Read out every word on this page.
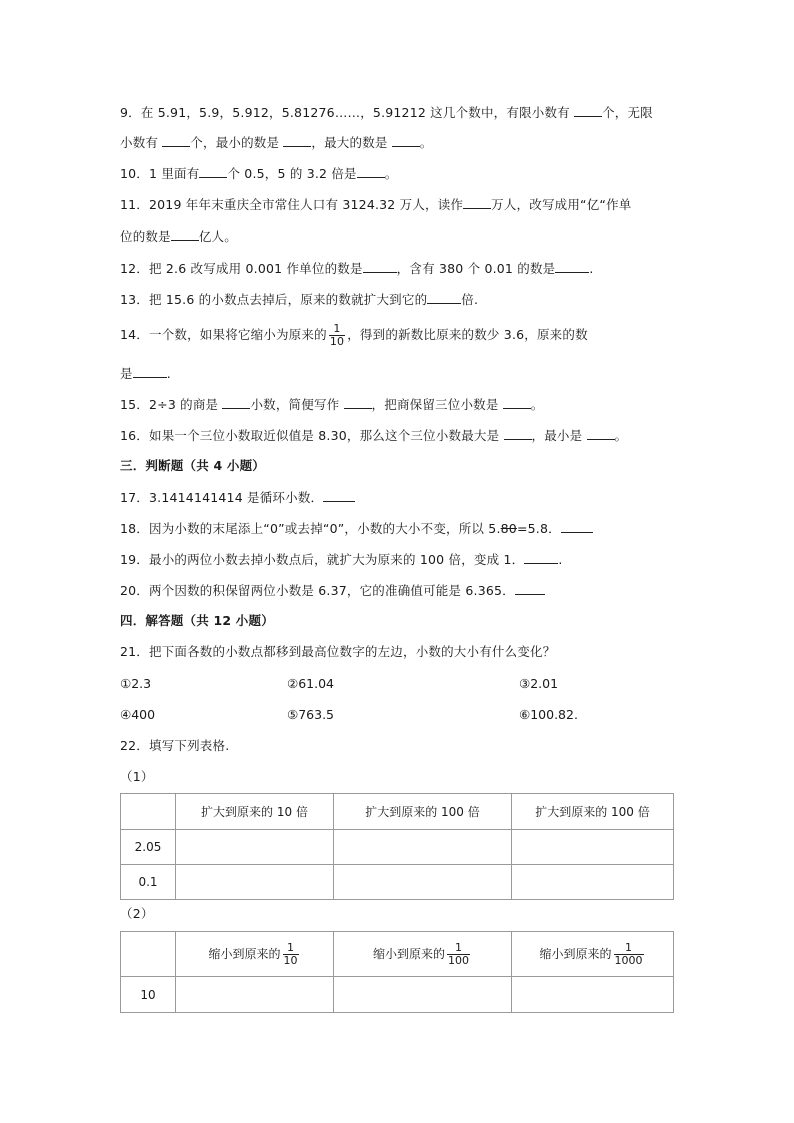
9．在 5.91，5.9，5.912，5.81276……，5.91212 这几个数中，有限小数有	个，无限
小数有	个，最小的数是	，最大的数是	。
10．1 里面有 个 0.5，5 的 3.2 倍是 。
11．2019 年年末重庆全市常住人口有 3124.32 万人，读作 万人，改写成用“亿“作单
位的数是 亿人。
12．把 2.6 改写成用 0.001 作单位的数是	，含有 380 个 0.01 的数是	.
13．把 15.6 的小数点去掉后，原来的数就扩大到它的	倍.
14．一个数，如果将它缩小为原来的 $\frac{1}{10}$ ，得到的新数比原来的数少 3.6，原来的数
是	.
15．2÷3 的商是	小数，简便写作	，把商保留三位小数是	。
16．如果一个三位小数取近似值是 8.30，那么这个三位小数最大是	，最小是	。
三．判断题（共 4 小题）
17．3.1414141414 是循环小数．
18．因为小数的末尾添上“0”或去掉“0”，小数的大小不变，所以 5.80=5.8．
19．最小的两位小数去掉小数点后，就扩大为原来的 100 倍，变成 1．	.
20．两个因数的积保留两位小数是 6.37，它的准确值可能是 6.365．
四．解答题（共 12 小题）
21．把下面各数的小数点都移到最高位数字的左边，小数的大小有什么变化？
①2.3	②61.04	③2.01
④400	⑤763.5	⑥100.82.
22．填写下列表格.
（1）
	扩大到原来的 10 倍	扩大到原来的 100 倍	扩大到原来的 100 倍
2.05			
0.1			
（2）
	缩小到原来的 $\frac{1}{10}$	缩小到原来的 $\frac{1}{100}$	缩小到原来的 $\frac{1}{1000}$

10			
